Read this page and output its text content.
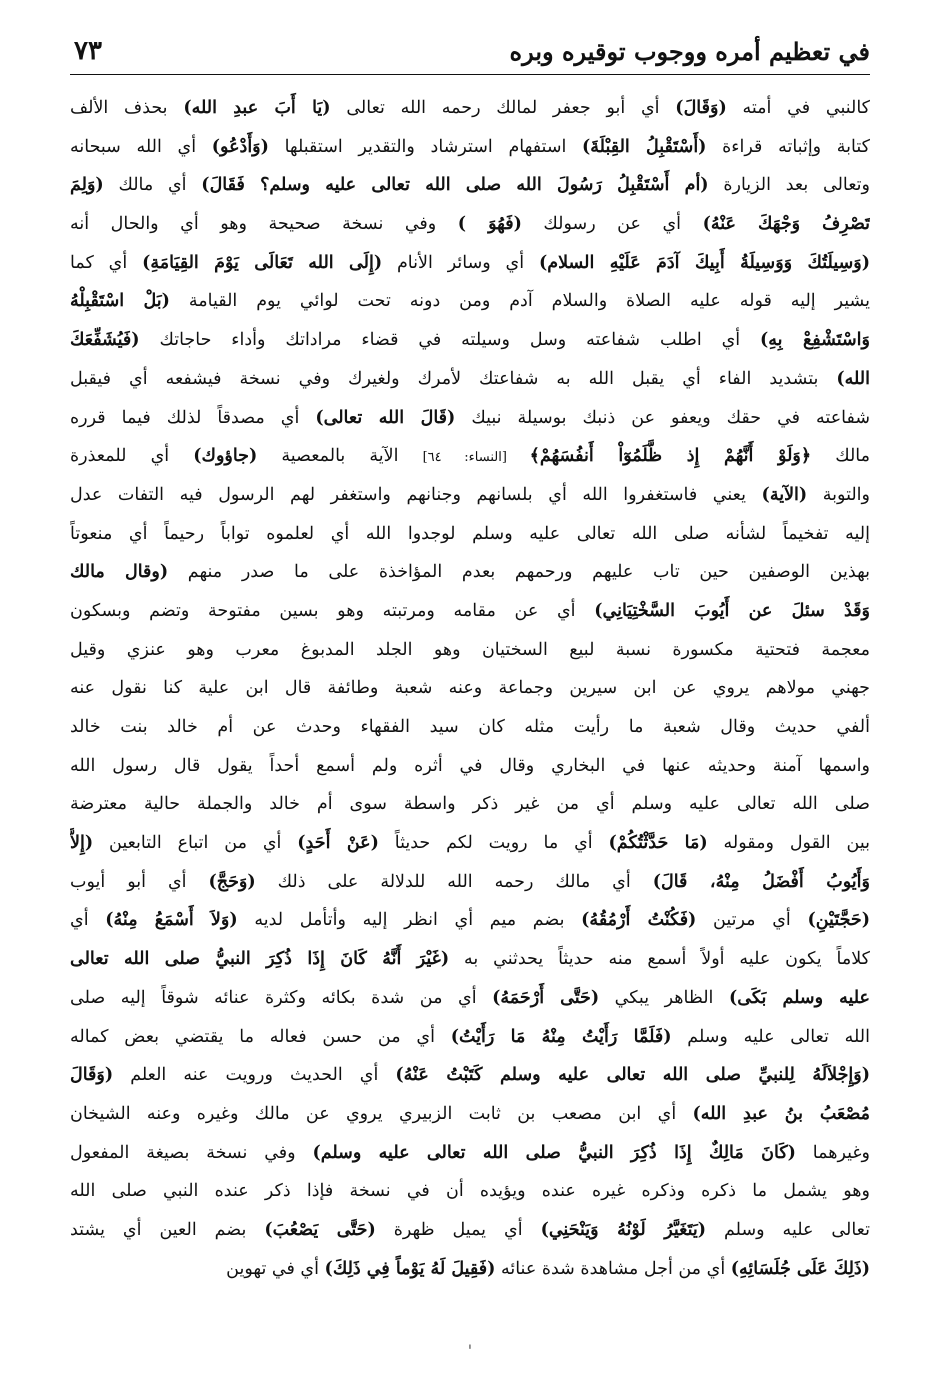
في تعظيم أمره ووجوب توقيره وبره
٧٣
كالنبي في أمته (وَقَالَ) أي أبو جعفر لمالك رحمه الله تعالى (يَا أَبَ عبدِ الله) بحذف الألف
كتابة وإثباته قراءة (أَسْتَقْبِلُ القِبْلَةَ) استفهام استرشاد والتقدير استقبلها (وَأَدْعُو) أي الله سبحانه
وتعالى بعد الزيارة (أم أَسْتَقْبِلُ رَسُولَ الله صلى الله تعالى عليه وسلم؟ فَقَالَ) أي مالك (وَلِمَ
تَصْرِفُ وَجْهَكَ عَنْهُ) أي عن رسولك (فَهُوَ ) وفي نسخة صحيحة وهو أي والحال أنه
(وَسِيلَتُكَ وَوَسِيلَةُ أَبِيكَ آدَمَ عَلَيْهِ السلام) أي وسائر الأنام (إِلَى الله تَعَالَى يَوْمَ القِيَامَةِ) أي كما
يشير إليه قوله عليه الصلاة والسلام آدم ومن دونه تحت لوائي يوم القيامة (بَلْ اسْتَقْبِلْهُ
وَاسْتَشْفِعْ بِهِ) أي اطلب شفاعته وسل وسيلته في قضاء مراداتك وأداء حاجاتك (فَيُشَفِّعَكَ
الله) بتشديد الفاء أي يقبل الله به شفاعتك لأمرك ولغيرك وفي نسخة فيشفعه أي فيقبل
شفاعته في حقك ويعفو عن ذنبك بوسيلة نبيك (قَالَ الله تعالى) أي مصدقاً لذلك فيما قرره
مالك ﴿وَلَوْ أَنَّهُمْ إِذ ظَّلَمُوٓاْ أَنفُسَهُمْ﴾ [النساء: ٦٤] الآية بالمعصية (جاؤوك) أي للمعذرة
والتوبة (الآية) يعني فاستغفروا الله أي بلسانهم وجنانهم واستغفر لهم الرسول فيه التفات عدل
إليه تفخيماً لشأنه صلى الله تعالى عليه وسلم لوجدوا الله أي لعلموه تواباً رحيماً أي منعوتاً
بهذين الوصفين حين تاب عليهم ورحمهم بعدم المؤاخذة على ما صدر منهم (وقال مالك
وَقَدْ سئلَ عن أَيُوبَ السَّخْتِيَانِي) أي عن مقامه ومرتبته وهو بسين مفتوحة وتضم وبسكون
معجمة فتحتية مكسورة نسبة لبيع السختيان وهو الجلد المدبوغ معرب وهو عنزي وقيل
جهني مولاهم يروي عن ابن سيرين وجماعة وعنه شعبة وطائفة قال ابن علية كنا نقول عنه
ألفي حديث وقال شعبة ما رأيت مثله كان سيد الفقهاء وحدث عن أم خالد بنت خالد
واسمها آمنة وحديثه عنها في البخاري وقال في أثره ولم أسمع أحداً يقول قال رسول الله
صلى الله تعالى عليه وسلم أي من غير ذكر واسطة سوى أم خالد والجملة حالية معترضة
بين القول ومقوله (مَا حَدَّثْتُكُمْ) أي ما رويت لكم حديثاً (عَنْ أَحَدٍ) أي من اتباع التابعين (إِلاَّ
وَأَيُوبُ أَفْضَلُ مِنْهُ، قَالَ) أي مالك رحمه الله للدلالة على ذلك (وَحَجَّ) أي أبو أيوب
(حَجَّتَيْنِ) أي مرتين (فَكُنْتُ أَرْمُقُهُ) بضم ميم أي انظر إليه وأتأمل لديه (وَلاَ أَسْمَعُ مِنْهُ) أي
كلاماً يكون عليه أولاً أسمع منه حديثاً يحدثني به (غَيْرَ أَنَّهُ كَانَ إِذَا ذُكِرَ النبيُّ صلى الله تعالى
عليه وسلم بَكَى) الظاهر يبكي (حَتَّى أَرْحَمَهُ) أي من شدة بكائه وكثرة عنائه شوقاً إليه صلى
الله تعالى عليه وسلم (فَلَمَّا رَأَيْتُ مِنْهُ مَا رَأَيْتُ) أي من حسن فعاله ما يقتضي بعض كماله
(وَإِجْلاَلَهُ لِلنبيِّ صلى الله تعالى عليه وسلم كَتَبْتُ عَنْهُ) أي الحديث ورويت عنه العلم (وَقَالَ
مُصْعَبُ بنُ عبدِ الله) أي ابن مصعب بن ثابت الزبيري يروي عن مالك وغيره وعنه الشيخان
وغيرهما (كَانَ مَالِكٌ إِذَا ذُكِرَ النبيُّ صلى الله تعالى عليه وسلم) وفي نسخة بصيغة المفعول
وهو يشمل ما ذكره وذكره غيره عنده ويؤيده أن في نسخة فإذا ذكر عنده النبي صلى الله
تعالى عليه وسلم (يَتَغَيَّرُ لَوْنُهُ وَيَنْحَنِي) أي يميل ظهرة (حَتَّى يَصْعُبَ) بضم العين أي يشتد
(ذَلِكَ عَلَى جُلَسَائِهِ) أي من أجل مشاهدة شدة عنائه (فَقِيلَ لَهُ يَوْماً فِي ذَلِكَ) أي في تهوين
'
